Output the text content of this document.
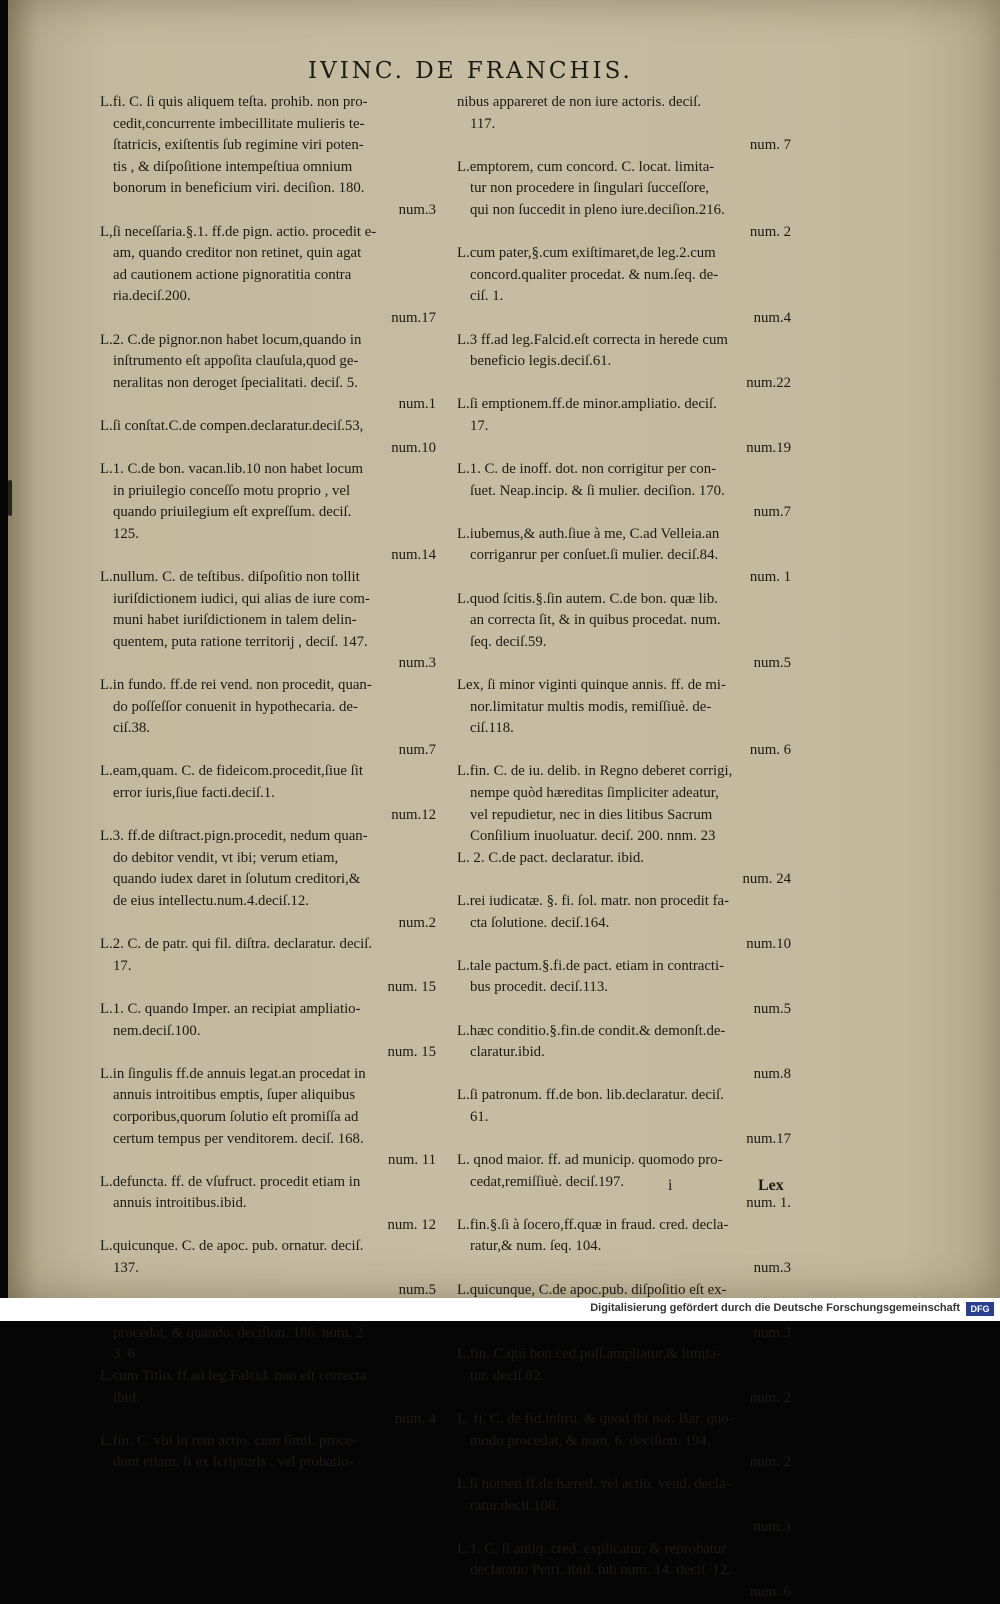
IVINC. DE FRANCHIS.
L.fi. C. ſi quis aliquem teſta. prohib. non pro-
cedit,concurrente imbecillitate mulieris te-
ſtatricis, exiſtentis ſub regimine viri poten-
tis , & diſpoſitione intempeſtiua omnium
bonorum in beneficium viri. deciſion. 180.
num.3
L,ſi neceſſaria.§.1. ff.de pign. actio. procedit e-
am, quando creditor non retinet, quin agat
ad cautionem actione pignoratitia contra
ria.deciſ.200.
num.17
L.2. C.de pignor.non habet locum,quando in
inſtrumento eſt appoſita clauſula,quod ge-
neralitas non deroget ſpecialitati. deciſ. 5.
num.1
L.ſi conſtat.C.de compen.declaratur.deciſ.53,
num.10
L.1. C.de bon. vacan.lib.10 non habet locum
in priuilegio conceſſo motu proprio , vel
quando priuilegium eſt expreſſum. deciſ.
125.
num.14
L.nullum. C. de teſtibus. diſpoſitio non tollit
iuriſdictionem iudici, qui alias de iure com-
muni habet iuriſdictionem in talem delin-
quentem, puta ratione territorij , deciſ. 147.
num.3
L.in fundo. ff.de rei vend. non procedit, quan-
do poſſeſſor conuenit in hypothecaria. de-
ciſ.38.
num.7
L.eam,quam. C. de fideicom.procedit,ſiue ſit
error iuris,ſiue facti.deciſ.1.
num.12
L.3. ff.de diſtract.pign.procedit, nedum quan-
do debitor vendit, vt ibi; verum etiam,
quando iudex daret in ſolutum creditori,&
de eius intellectu.num.4.deciſ.12.
num.2
L.2. C. de patr. qui fil. diſtra. declaratur. deciſ.
17.
num. 15
L.1. C. quando Imper. an recipiat ampliatio-
nem.deciſ.100.
num. 15
L.in ſingulis ff.de annuis legat.an procedat in
annuis introitibus emptis, ſuper aliquibus
corporibus,quorum ſolutio eſt promiſſa ad
certum tempus per venditorem. deciſ. 168.
num. 11
L.defuncta. ff. de vſufruct. procedit etiam in
annuis introitibus.ibid.
num. 12
L.quicunque. C. de apoc. pub. ornatur. deciſ.
137.
num.5
procedat, & quando. deciſion. 186. num. 2
3. 6
L.cum Titio. ff.ad leg.Falcid. non eſt correcta.
ibid.
num. 4
L.fin. C. vbi in rem actio. cum ſimil. proce-
dunt etiam, ſi ex ſcripturis , vel probatio-
nibus appareret de non iure actoris. deciſ.
117.
num. 7
L.emptorem, cum concord. C. locat. limita-
tur non procedere in ſingulari ſucceſſore,
qui non ſuccedit in pleno iure.deciſion.216.
num. 2
L.cum pater,§.cum exiſtimaret,de leg.2.cum
concord.qualiter procedat. & num.ſeq. de-
ciſ. 1.
num.4
L.3 ff.ad leg.Falcid.eſt correcta in herede cum
beneficio legis.deciſ.61.
num.22
L.ſi emptionem.ff.de minor.ampliatio. deciſ.
17.
num.19
L.1. C. de inoff. dot. non corrigitur per con-
ſuet. Neap.incip. & ſi mulier. deciſion. 170.
num.7
L.iubemus,& auth.ſiue à me, C.ad Velleia.an
corriganrur per conſuet.ſi mulier. deciſ.84.
num. 1
L.quod ſcitis.§.ſin autem. C.de bon. quæ lib.
an correcta ſit, & in quibus procedat. num.
ſeq. deciſ.59.
num.5
Lex, ſi minor viginti quinque annis. ff. de mi-
nor.limitatur multis modis, remiſſiuè. de-
ciſ.118.
num. 6
L.fin. C. de iu. delib. in Regno deberet corrigi,
nempe quòd hæreditas ſimpliciter adeatur,
vel repudietur, nec in dies litibus Sacrum
Conſilium inuoluatur. deciſ. 200. nnm. 23
L. 2. C.de pact. declaratur. ibid.
num. 24
L.rei iudicatæ. §. fi. ſol. matr. non procedit fa-
cta ſolutione. deciſ.164.
num.10
L.tale pactum.§.fi.de pact. etiam in contracti-
bus procedit. deciſ.113.
num.5
L.hæc conditio.§.fin.de condit.& demonſt.de-
claratur.ibid.
num.8
L.ſi patronum. ff.de bon. lib.declaratur. deciſ.
61.
num.17
L. qnod maior. ff. ad municip. quomodo pro-
cedat,remiſſiuè. deciſ.197.
num. 1.
L.fin.§.ſi à ſocero,ff.quæ in fraud. cred. decla-
ratur,& num. ſeq. 104.
num.3
L.quicunque, C.de apoc.pub. diſpoſitio eſt ex-
num.3
L,fin. C.qui bon.ced.poſſ.ampliatur,& limita-
tur. deciſ.82.
num. 2
L. fi. C. de fid.inſtru. & quod ibi not. Bar. quo-
modo procedat, & num. 6. deciſion. 194.
num. 2
L.ſi nomen.ff.de hæred. vel actio. vend. decla-
ratur.deciſ.108.
num.3
L.1. C. ſi antiq. cred. explicatur, & reprobatur
declaratio Petri. ibid. ſub num. 14. deciſ. 12.
num. 6
i	Lex
Digitalisierung gefördert durch die Deutsche Forschungsgemeinschaft	DFG
